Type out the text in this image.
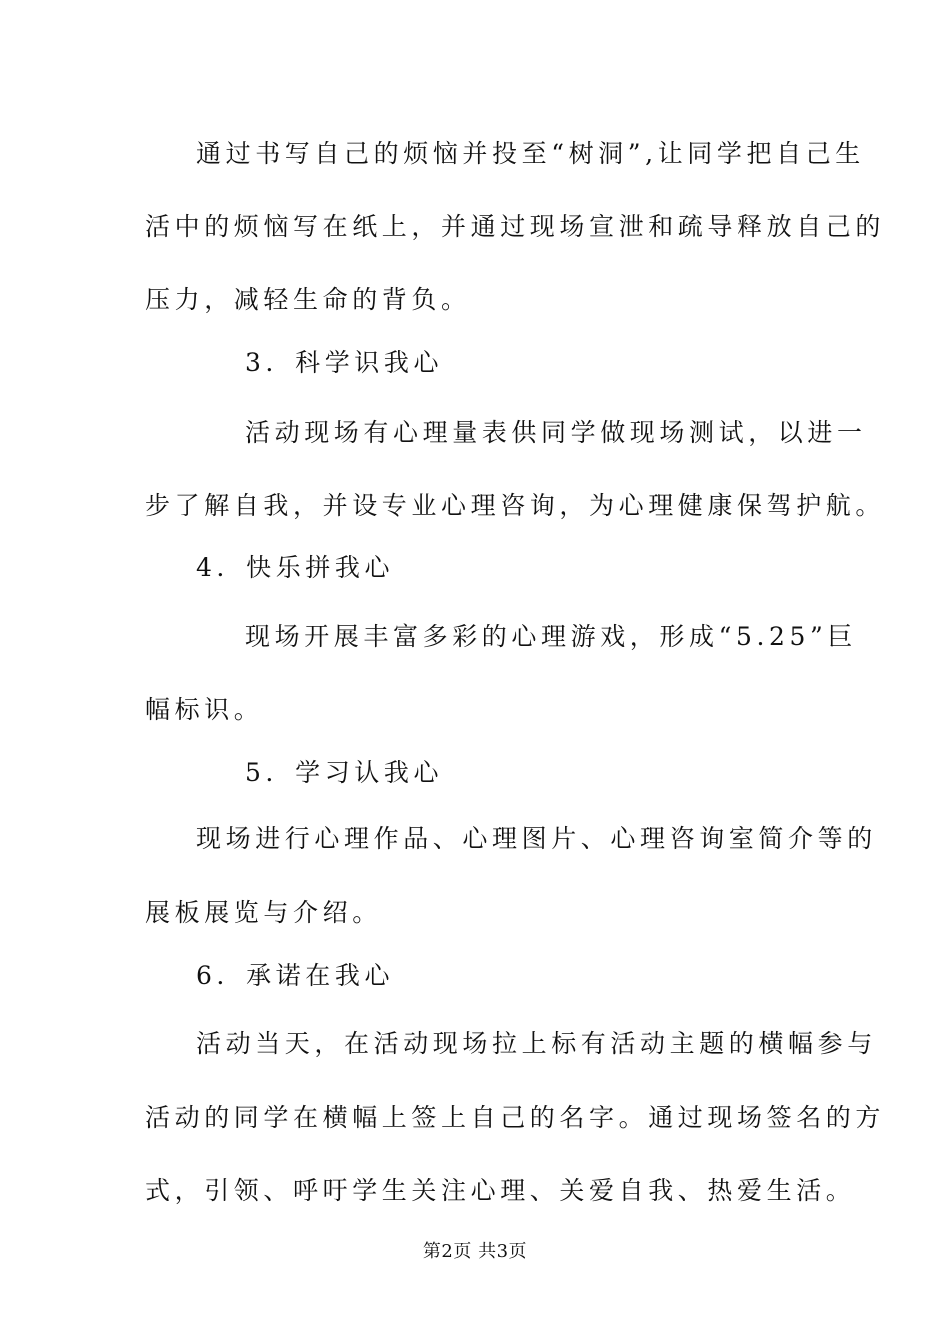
通过书写自己的烦恼并投至“树洞”,让同学把自己生
活中的烦恼写在纸上，并通过现场宣泄和疏导释放自己的
压力，减轻生命的背负。
3．科学识我心
活动现场有心理量表供同学做现场测试，以进一
步了解自我，并设专业心理咨询，为心理健康保驾护航。
4．快乐拼我心
现场开展丰富多彩的心理游戏，形成“5.25”巨
幅标识。
5．学习认我心
现场进行心理作品、心理图片、心理咨询室简介等的
展板展览与介绍。
6．承诺在我心
活动当天，在活动现场拉上标有活动主题的横幅参与
活动的同学在横幅上签上自己的名字。通过现场签名的方
式，引领、呼吁学生关注心理、关爱自我、热爱生活。
第2页 共3页
